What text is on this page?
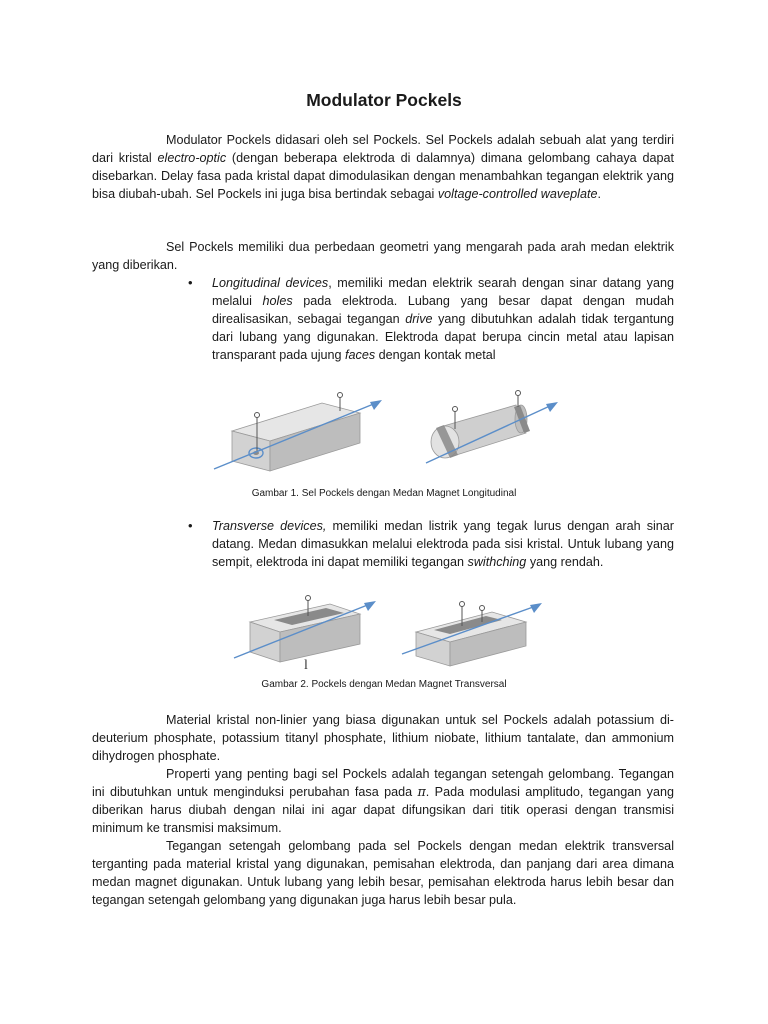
Modulator Pockels

Modulator Pockels didasari oleh sel Pockels. Sel Pockels adalah sebuah alat yang terdiri dari kristal electro-optic (dengan beberapa elektroda di dalamnya) dimana gelombang cahaya dapat disebarkan. Delay fasa pada kristal dapat dimodulasikan dengan menambahkan tegangan elektrik yang bisa diubah-ubah. Sel Pockels ini juga bisa bertindak sebagai voltage-controlled waveplate.

Sel Pockels memiliki dua perbedaan geometri yang mengarah pada arah medan elektrik yang diberikan.

• Longitudinal devices, memiliki medan elektrik searah dengan sinar datang yang melalui holes pada elektroda. Lubang yang besar dapat dengan mudah direalisasikan, sebagai tegangan drive yang dibutuhkan adalah tidak tergantung dari lubang yang digunakan. Elektroda dapat berupa cincin metal atau lapisan transparant pada ujung faces dengan kontak metal

Gambar 1. Sel Pockels dengan Medan Magnet Longitudinal

• Transverse devices, memiliki medan listrik yang tegak lurus dengan arah sinar datang. Medan dimasukkan melalui elektroda pada sisi kristal. Untuk lubang yang sempit, elektroda ini dapat memiliki tegangan swithching yang rendah.

l

Gambar 2. Pockels dengan Medan Magnet Transversal

Material kristal non-linier yang biasa digunakan untuk sel Pockels adalah potassium di-deuterium phosphate, potassium titanyl phosphate, lithium niobate, lithium tantalate, dan ammonium dihydrogen phosphate.

Properti yang penting bagi sel Pockels adalah tegangan setengah gelombang. Tegangan ini dibutuhkan untuk menginduksi perubahan fasa pada π. Pada modulasi amplitudo, tegangan yang diberikan harus diubah dengan nilai ini agar dapat difungsikan dari titik operasi dengan transmisi minimum ke transmisi maksimum.

Tegangan setengah gelombang pada sel Pockels dengan medan elektrik transversal terganting pada material kristal yang digunakan, pemisahan elektroda, dan panjang dari area dimana medan magnet digunakan. Untuk lubang yang lebih besar, pemisahan elektroda harus lebih besar dan tegangan setengah gelombang yang digunakan juga harus lebih besar pula.
